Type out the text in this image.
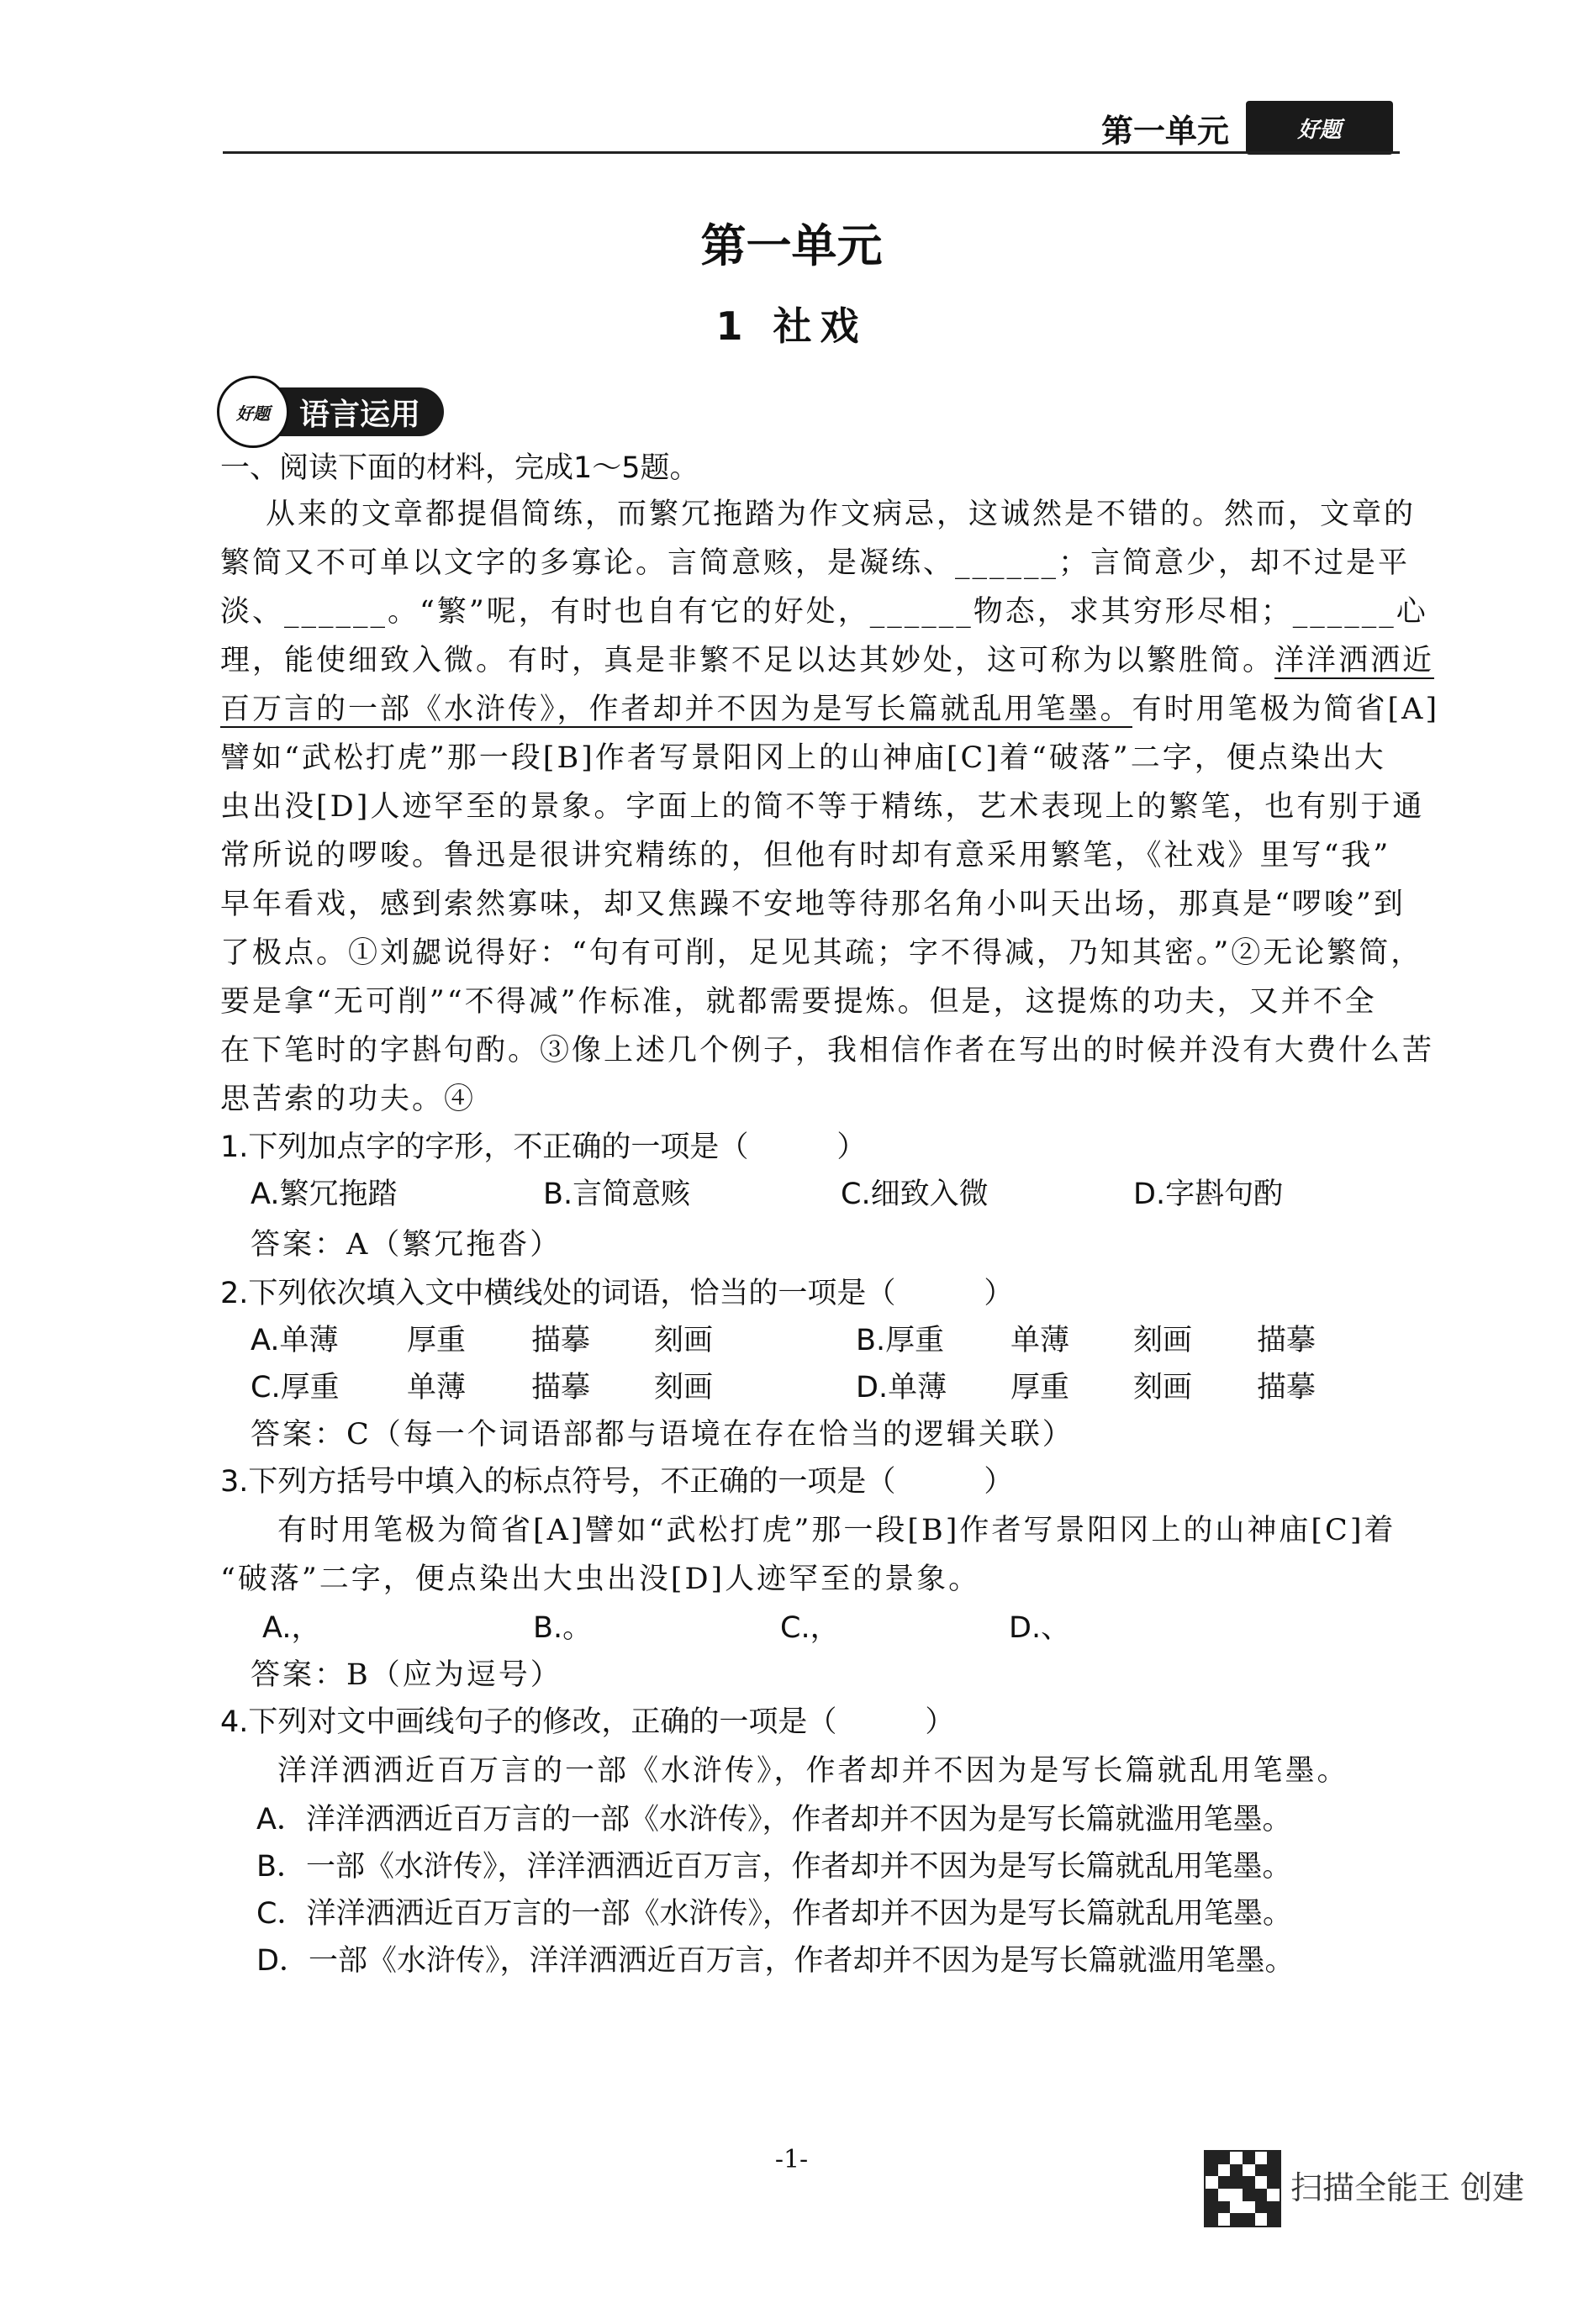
第一单元	好题
第一单元
1 社戏
好题 语言运用
一、阅读下面的材料，完成1～5题。
从来的文章都提倡简练，而繁冗拖踏为作文病忌，这诚然是不错的。然而，文章的
繁简又不可单以文字的多寡论。言简意赅，是凝练、______；言简意少，却不过是平
淡、______。“繁”呢，有时也自有它的好处，______物态，求其穷形尽相；______心
理，能使细致入微。有时，真是非繁不足以达其妙处，这可称为以繁胜简。洋洋洒洒近
百万言的一部《水浒传》，作者却并不因为是写长篇就乱用笔墨。有时用笔极为简省[A]
譬如“武松打虎”那一段[B]作者写景阳冈上的山神庙[C]着“破落”二字，便点染出大
虫出没[D]人迹罕至的景象。字面上的简不等于精练，艺术表现上的繁笔，也有别于通
常所说的啰唆。鲁迅是很讲究精练的，但他有时却有意采用繁笔，《社戏》里写“我”
早年看戏，感到索然寡味，却又焦躁不安地等待那名角小叫天出场，那真是“啰唆”到
了极点。①刘勰说得好：“句有可削，足见其疏；字不得减，乃知其密。”②无论繁简，
要是拿“无可削”“不得减”作标准，就都需要提炼。但是，这提炼的功夫，又并不全
在下笔时的字斟句酌。③像上述几个例子，我相信作者在写出的时候并没有大费什么苦
思苦索的功夫。④
1.下列加点字的字形，不正确的一项是（　　　）
A.繁冗拖踏	B.言简意赅	C.细致入微	D.字斟句酌
答案：A（繁冗拖沓）
2.下列依次填入文中横线处的词语，恰当的一项是（　　　）
A.单薄 厚重 描摹 刻画	B.厚重 单薄 刻画 描摹
C.厚重 单薄 描摹 刻画	D.单薄 厚重 刻画 描摹
答案：C（每一个词语部都与语境在存在恰当的逻辑关联）
3.下列方括号中填入的标点符号，不正确的一项是（　　　）
有时用笔极为简省[A]譬如“武松打虎”那一段[B]作者写景阳冈上的山神庙[C]着
“破落”二字，便点染出大虫出没[D]人迹罕至的景象。
A.，	B.。	C.，	D.、
答案：B（应为逗号）
4.下列对文中画线句子的修改，正确的一项是（　　　）
洋洋洒洒近百万言的一部《水浒传》，作者却并不因为是写长篇就乱用笔墨。
A．洋洋洒洒近百万言的一部《水浒传》，作者却并不因为是写长篇就滥用笔墨。
B．一部《水浒传》，洋洋洒洒近百万言，作者却并不因为是写长篇就乱用笔墨。
C．洋洋洒洒近百万言的一部《水浒传》，作者却并不因为是写长篇就乱用笔墨。
D．一部《水浒传》，洋洋洒洒近百万言，作者却并不因为是写长篇就滥用笔墨。
-1-
扫描全能王 创建
